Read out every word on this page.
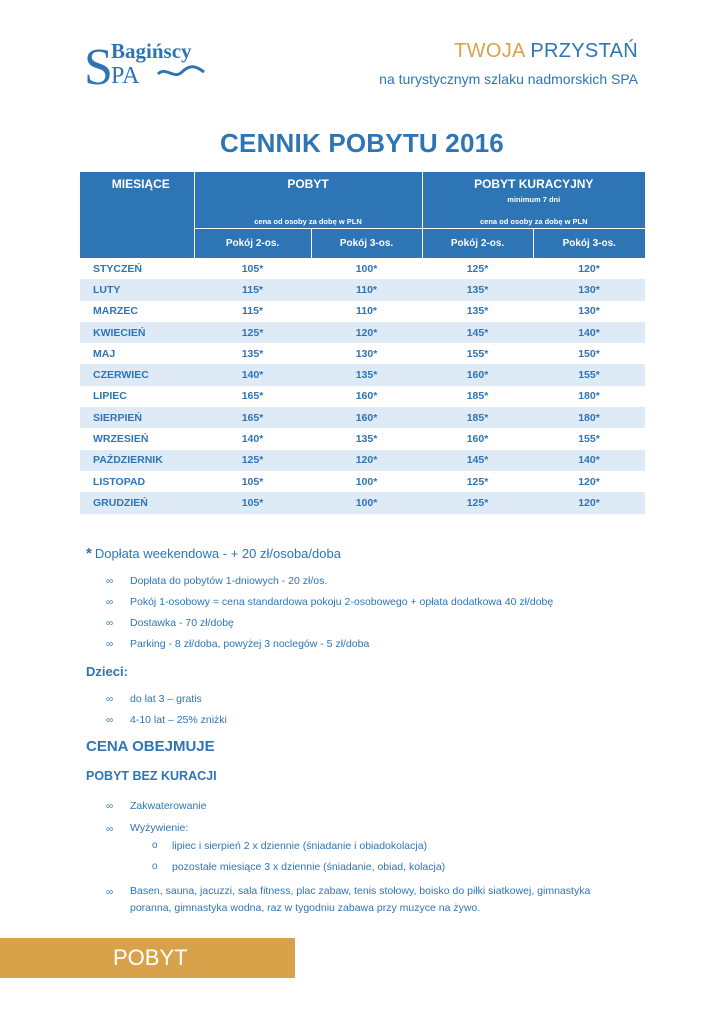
S
Bagińscy
PA
TWOJA PRZYSTAŃ
na turystycznym szlaku nadmorskich SPA
CENNIK POBYTU 2016
MIESIĄCE	POBYT		POBYT KURACYJNY
minimum 7 dni	

	cena od osoby za dobę w PLN		cena od osoby za dobę w PLN	
	Pokój 2-os.	Pokój 3-os.	Pokój 2-os.	Pokój 3-os.
STYCZEŃ	105*	100*	125*	120*
LUTY	115*	110*	135*	130*
MARZEC	115*	110*	135*	130*
KWIECIEŃ	125*	120*	145*	140*
MAJ	135*	130*	155*	150*
CZERWIEC	140*	135*	160*	155*
LIPIEC	165*	160*	185*	180*
SIERPIEŃ	165*	160*	185*	180*
WRZESIEŃ	140*	135*	160*	155*
PAŹDZIERNIK	125*	120*	145*	140*
LISTOPAD	105*	100*	125*	120*
GRUDZIEŃ	105*	100*	125*	120*
* Dopłata weekendowa - + 20 zł/osoba/doba
∞ Dopłata do pobytów 1-dniowych - 20 zł/os.
∞ Pokój 1-osobowy = cena standardowa pokoju 2-osobowego + opłata dodatkowa 40 zł/dobę
∞ Dostawka - 70 zł/dobę
∞ Parking - 8 zł/doba, powyżej 3 noclegów - 5 zł/doba
Dzieci:
∞ do lat 3 – gratis
∞ 4-10 lat – 25% zniżki
CENA OBEJMUJE
POBYT BEZ KURACJI
∞ Zakwaterowanie
∞ Wyżywienie:
o lipiec i sierpień 2 x dziennie (śniadanie i obiadokolacja)
o pozostałe miesiące 3 x dziennie (śniadanie, obiad, kolacja)
∞ Basen, sauna, jacuzzi, sala fitness, plac zabaw, tenis stołowy, boisko do piłki siatkowej, gimnastyka poranna, gimnastyka wodna, raz w tygodniu zabawa przy muzyce na żywo.
POBYT
